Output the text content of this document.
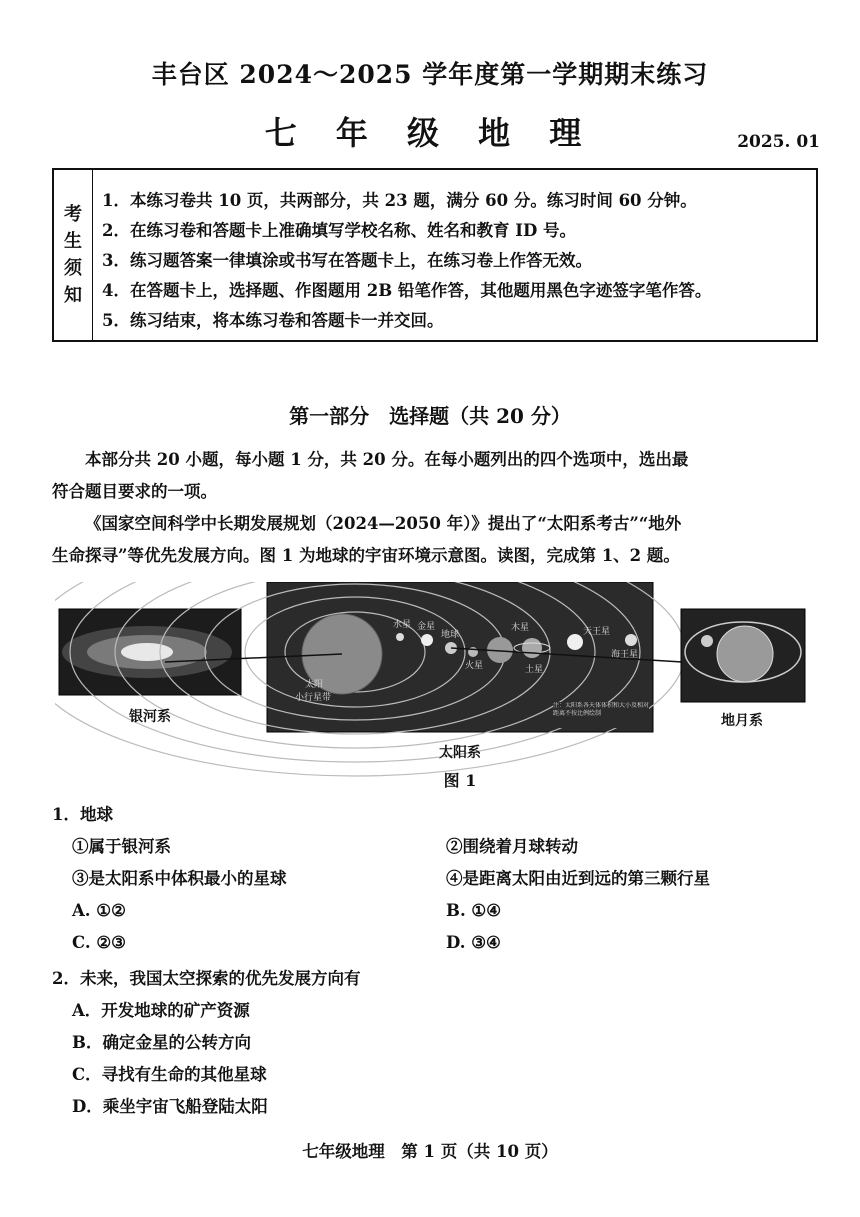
丰台区 2024～2025 学年度第一学期期末练习
七 年 级 地 理	2025. 01
考
生
须
知
1．本练习卷共 10 页，共两部分，共 23 题，满分 60 分。练习时间 60 分钟。
2．在练习卷和答题卡上准确填写学校名称、姓名和教育 ID 号。
3．练习题答案一律填涂或书写在答题卡上，在练习卷上作答无效。
4．在答题卡上，选择题、作图题用 2B 铅笔作答，其他题用黑色字迹签字笔作答。
5．练习结束，将本练习卷和答题卡一并交回。
第一部分　选择题（共 20 分）
本部分共 20 小题，每小题 1 分，共 20 分。在每小题列出的四个选项中，选出最
符合题目要求的一项。
《国家空间科学中长期发展规划（2024—2050 年）》提出了“太阳系考古”“地外
生命探寻”等优先发展方向。图 1 为地球的宇宙环境示意图。读图，完成第 1、2 题。
太阳
水星 金星
地球
火星
木星
土星
天王星
海王星
小行星带
注：太阳系各天体体积和大小及相对距离不按比例绘制
银河系
太阳系
地月系
图 1
1．地球
①属于银河系	②围绕着月球转动
③是太阳系中体积最小的星球	④是距离太阳由近到远的第三颗行星
A. ①②	B. ①④
C. ②③	D. ③④
2．未来，我国太空探索的优先发展方向有
A．开发地球的矿产资源
B．确定金星的公转方向
C．寻找有生命的其他星球
D．乘坐宇宙飞船登陆太阳
七年级地理　第 1 页（共 10 页）
